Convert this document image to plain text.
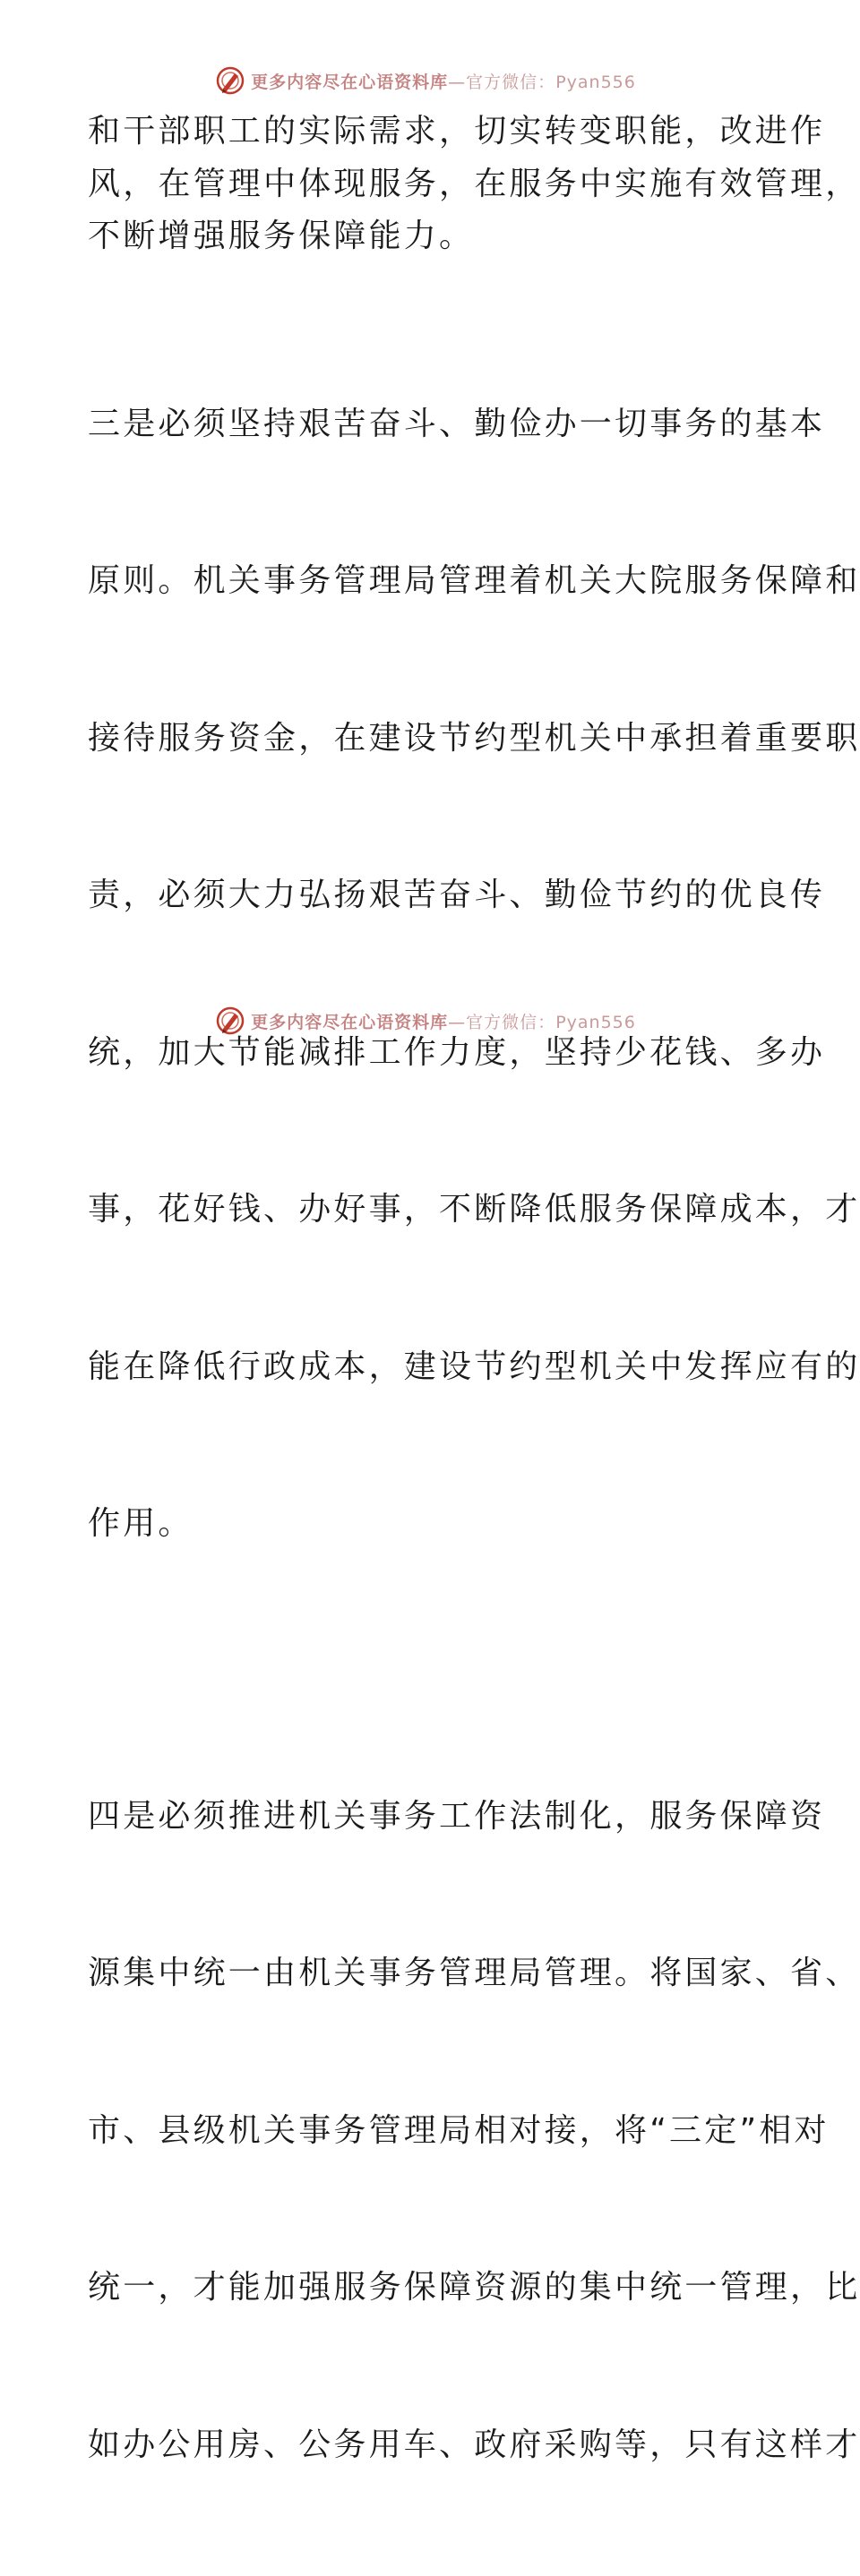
更多内容尽在心语资料库—官方微信：Pyan556

和干部职工的实际需求，切实转变职能，改进作
风，在管理中体现服务，在服务中实施有效管理，
不断增强服务保障能力。

三是必须坚持艰苦奋斗、勤俭办一切事务的基本

原则。机关事务管理局管理着机关大院服务保障和

接待服务资金，在建设节约型机关中承担着重要职

责，必须大力弘扬艰苦奋斗、勤俭节约的优良传

统，加大节能减排工作力度，坚持少花钱、多办

事，花好钱、办好事，不断降低服务保障成本，才

能在降低行政成本，建设节约型机关中发挥应有的

作用。

四是必须推进机关事务工作法制化，服务保障资

源集中统一由机关事务管理局管理。将国家、省、

市、县级机关事务管理局相对接，将“三定”相对

统一，才能加强服务保障资源的集中统一管理，比

如办公用房、公务用车、政府采购等，只有这样才

更多内容尽在心语资料库—官方微信：Pyan556
